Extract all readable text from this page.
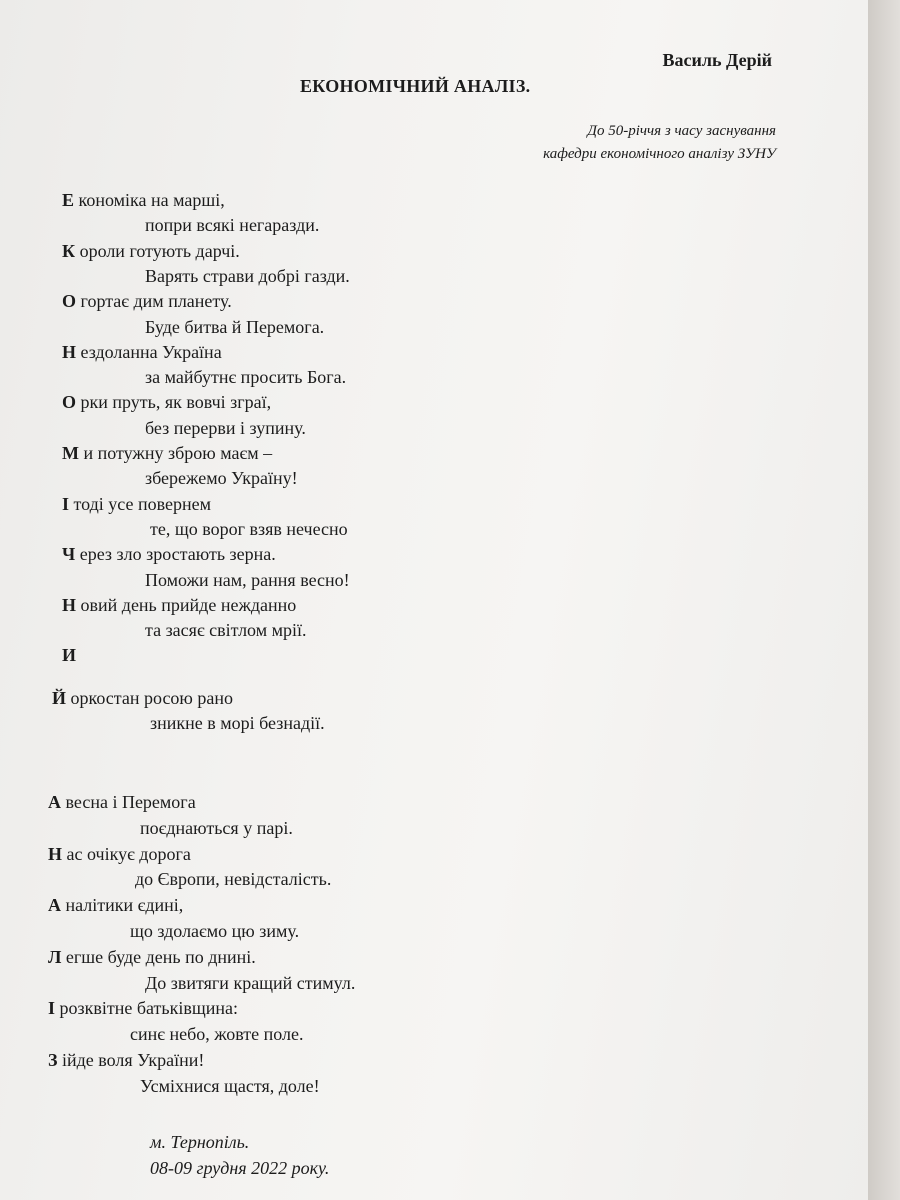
Василь Дерій
ЕКОНОМІЧНИЙ АНАЛІЗ.
До 50-річчя з часу заснування
кафедри економічного аналізу ЗУНУ
Е кономіка на марші,
попри всякі негаразди.
К ороли готують дарчі.
Варять страви добрі газди.
О гортає дим планету.
Буде битва й Перемога.
Н ездоланна Україна
за майбутнє просить Бога.
О рки пруть, як вовчі зграї,
без перерви і зупину.
М и потужну зброю маєм –
збережемо Україну!
І тоді усе повернем
те, що ворог взяв нечесно
Ч ерез зло зростають зерна.
Поможи нам, рання весно!
Н овий день прийде нежданно
та засяє світлом мрії.
И
Й оркостан росою рано
зникне в морі безнадії.
А весна і Перемога
поєднаються у парі.
Н ас очікує дорога
до Європи, невідсталість.
А налітики єдині,
що здолаємо цю зиму.
Л егше буде день по днині.
До звитяги кращий стимул.
І розквітне батьківщина:
синє небо, жовте поле.
З ійде воля України!
Усміхнися щастя, доле!
м. Тернопіль.
08-09 грудня 2022 року.
